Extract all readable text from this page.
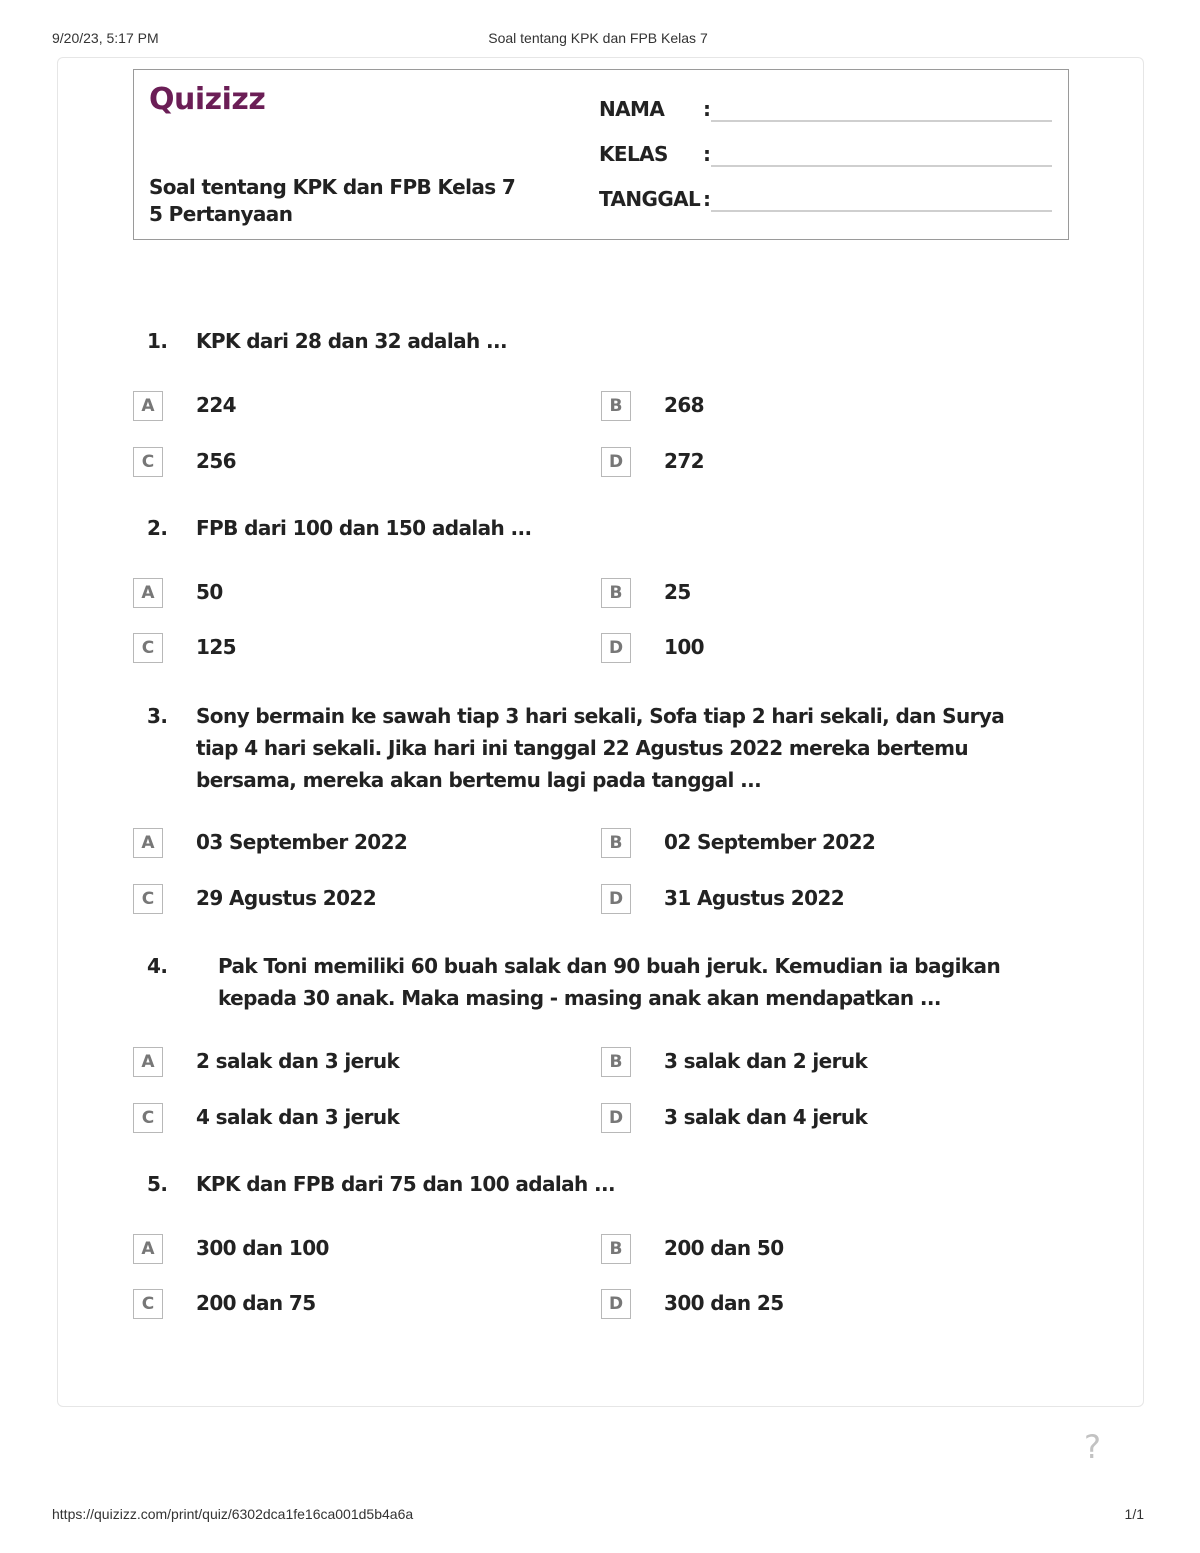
9/20/23, 5:17 PM	Soal tentang KPK dan FPB Kelas 7
Quizizz
Soal tentang KPK dan FPB Kelas 7
5 Pertanyaan
NAMA :
KELAS :
TANGGAL :
1. KPK dari 28 dan 32 adalah ...
A	224	B	268
C	256	D	272
2. FPB dari 100 dan 150 adalah ...
A	50	B	25
C	125	D	100
3. Sony bermain ke sawah tiap 3 hari sekali, Sofa tiap 2 hari sekali, dan Surya tiap 4 hari sekali. Jika hari ini tanggal 22 Agustus 2022 mereka bertemu bersama, mereka akan bertemu lagi pada tanggal ...
A	03 September 2022	B	02 September 2022
C	29 Agustus 2022	D	31 Agustus 2022
4.	Pak Toni memiliki 60 buah salak dan 90 buah jeruk. Kemudian ia bagikan kepada 30 anak. Maka masing - masing anak akan mendapatkan ...
A	2 salak dan 3 jeruk	B	3 salak dan 2 jeruk
C	4 salak dan 3 jeruk	D	3 salak dan 4 jeruk
5. KPK dan FPB dari 75 dan 100 adalah ...
A	300 dan 100	B	200 dan 50
C	200 dan 75	D	300 dan 25
?
https://quizizz.com/print/quiz/6302dca1fe16ca001d5b4a6a	1/1
